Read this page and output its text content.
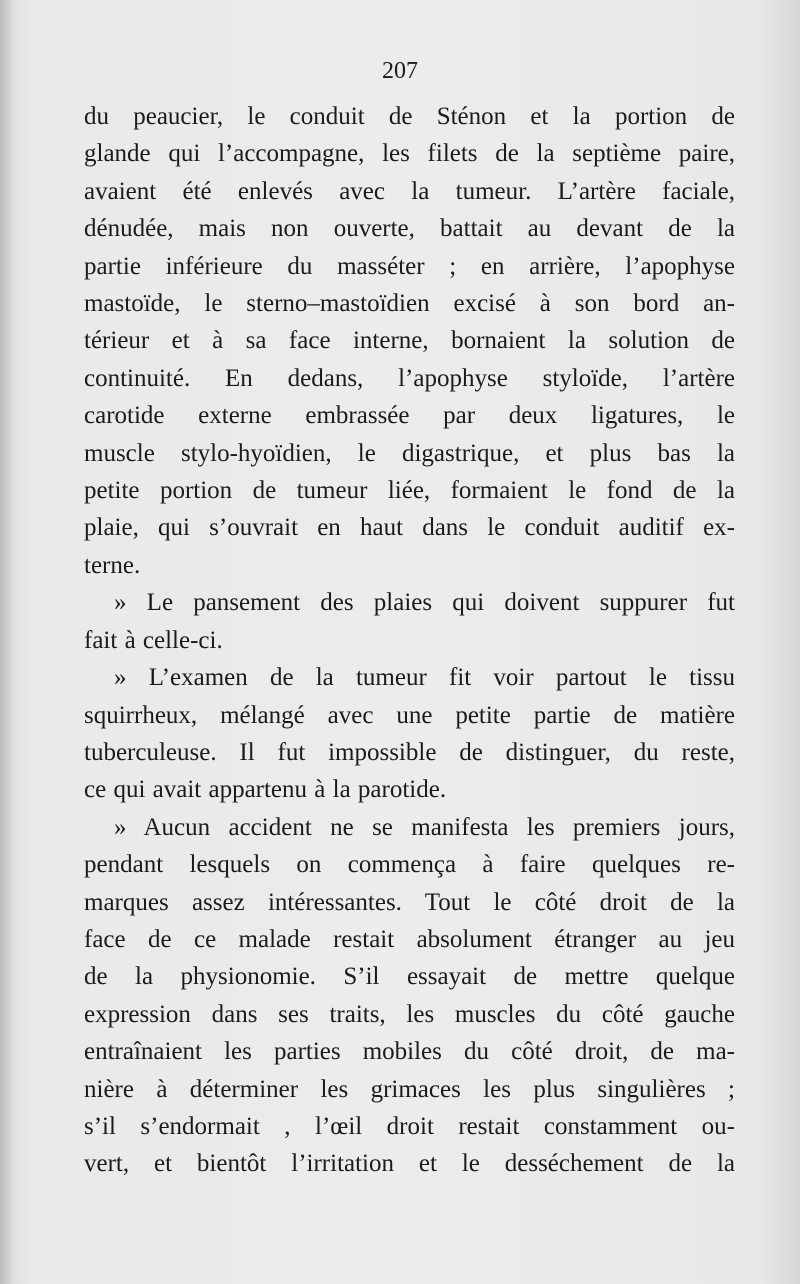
207

du peaucier, le conduit de Sténon et la portion de
glande qui l’accompagne, les filets de la septième paire,
avaient été enlevés avec la tumeur. L’artère faciale,
dénudée, mais non ouverte, battait au devant de la
partie inférieure du masséter ; en arrière, l’apophyse
mastoïde, le sterno–mastoïdien excisé à son bord an-
térieur et à sa face interne, bornaient la solution de
continuité. En dedans, l’apophyse styloïde, l’artère
carotide externe embrassée par deux ligatures, le
muscle stylo-hyoïdien, le digastrique, et plus bas la
petite portion de tumeur liée, formaient le fond de la
plaie, qui s’ouvrait en haut dans le conduit auditif ex-
terne.

» Le pansement des plaies qui doivent suppurer fut
fait à celle-ci.

» L’examen de la tumeur fit voir partout le tissu
squirrheux, mélangé avec une petite partie de matière
tuberculeuse. Il fut impossible de distinguer, du reste,
ce qui avait appartenu à la parotide.

» Aucun accident ne se manifesta les premiers jours,
pendant lesquels on commença à faire quelques re-
marques assez intéressantes. Tout le côté droit de la
face de ce malade restait absolument étranger au jeu
de la physionomie. S’il essayait de mettre quelque
expression dans ses traits, les muscles du côté gauche
entraînaient les parties mobiles du côté droit, de ma-
nière à déterminer les grimaces les plus singulières ;
s’il s’endormait , l’œil droit restait constamment ou-
vert, et bientôt l’irritation et le desséchement de la
